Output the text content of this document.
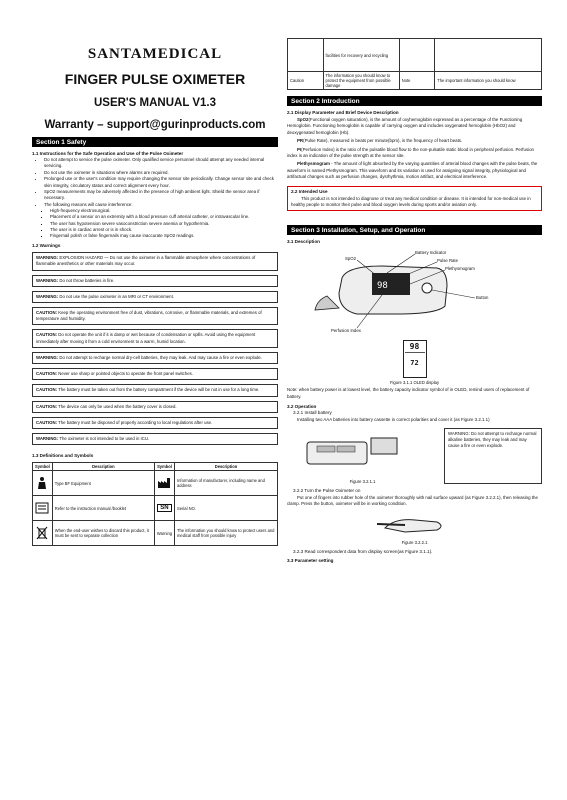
SANTAMEDICAL
FINGER PULSE OXIMETER
USER'S MANUAL V1.3
Warranty – support@gurinproducts.com
Section 1 Safety
1.1 Instructions for the Safe Operation and Use of the Pulse Oximeter
• Do not attempt to service the pulse oximeter. Only qualified service personnel should attempt any needed internal servicing.
• Do not use the oximeter in situations where alarms are required.
• Prolonged use or the user's condition may require changing the sensor site periodically. Change sensor site and check skin integrity, circulatory status and correct alignment every hour.
• SpO2 measurements may be adversely affected in the presence of high ambient light. Shield the sensor area if necessary.
• The following reasons will cause interference:
▪ High-frequency electrosurgical.
▪ Placement of a sensor on an extremity with a blood pressure cuff arterial catheter, or intravascular line.
▪ The user has hypotension severe vasoconstriction severe anemia or hypothermia.
▪ The user is in cardiac arrest or is in shock.
▪ Fingernail polish or false fingernails may cause inaccurate SpO2 readings.
1.2 Warnings
WARNING: EXPLOSION HAZARD — Do not use the oximeter in a flammable atmosphere where concentrations of flammable anesthetics or other materials may occur.
WARNING: Do not throw batteries in fire.
WARNING: Do not use the pulse oximeter in an MRI or CT environment.
CAUTION: Keep the operating environment free of dust, vibrations, corrosive, or flammable materials, and extremes of temperature and humidity.
CAUTION: Do not operate the unit if it is damp or wet because of condensation or spills. Avoid using the equipment immediately after moving it from a cold environment to a warm, humid location.
WARNING: Do not attempt to recharge normal dry-cell batteries, they may leak. And may cause a fire or even explode.
CAUTION: Never use sharp or pointed objects to operate the front panel switches.
CAUTION: The battery must be taken out from the battery compartment if the device will be not in use for a long time.
CAUTION: The device can only be used when the battery cover is closed.
CAUTION: The battery must be disposed of properly according to local regulations after use.
WARNING: The oximeter is not intended to be used in ICU.
1.3 Definitions and Symbols
Symbol	Description	Symbol	Description
	Type BF Equipment		Information of manufacturer, including name and address
	Refer to the instruction manual /booklet	SN	Serial NO.
	When the end-user wishes to discard this product, it must be sent to separate collection	Warning	The information you should know to protect users and medical staff from possible injury
	facilities for recovery and recycling		
Caution	The information you should know to protect the equipment from possible damage	Note	The important information you should know
Section 2 Introduction
2.1 Display Parameter and Brief Device Description
SpO2(Functional oxygen saturation), is the amount of oxyhemoglobin expressed as a percentage of the Functioning Hemoglobin. Functioning hemoglobin is capable of carrying oxygen and includes oxygenated hemoglobin (HbO2) and deoxygenated hemoglobin (Hb).
PR(Pulse Rate), measured in beats per minute(bpm), is the frequency of heart beats.
PI(Perfusion Index) is the ratio of the pulsatile blood flow to the non-pulsatile static blood in peripheral perfusion. Perfusion index is an indication of the pulse strength at the sensor site.
Plethysmogram - The amount of light absorbed by the varying quantities of arterial blood changes with the pulse beats, the waveform is named Plethysmogram. This waveform and its variation is used for assigning signal integrity, physiological and artifactual changes such as perfusion changes, dysrhythmia, motion artifact, and electrical interference.
2.2 Intended Use
This product is not intended to diagnose or treat any medical condition or disease. It is intended for non-medical use in healthy people to monitor their pulse and blood oxygen levels during sports and/or aviation only.
Section 3 Installation, Setup, and Operation
3.1 Description
98
Battery Indicator
SpO2	Pulse Rate
Plethysmogram
Button
Perfusion Index
98
72
Figure 3.1.1 OLED display
Note: when battery power is at lowest level, the battery capacity indicator symbol of in OLED, remind users of replacement of battery.
3.2 Operation
3.2.1 Install battery
Installing two AAA batteries into battery cassette in correct polarities and cover it (as Figure 3.2.1.1)
Figure 3.2.1.1
WARNING: Do not attempt to recharge normal alkaline batteries, they may leak and may cause a fire or even explode.
3.2.2 Turn the Pulse Oximeter on
Put one of fingers into rubber hole of the oximeter thoroughly with nail surface upward (as Figure 3.2.2.1), then releasing the clamp. Press the button, oximeter will be in working condition.
Figure 3.2.2.1
3.2.3 Read correspondent data from display screen(as Figure 3.1.1).
3.3 Parameter setting
